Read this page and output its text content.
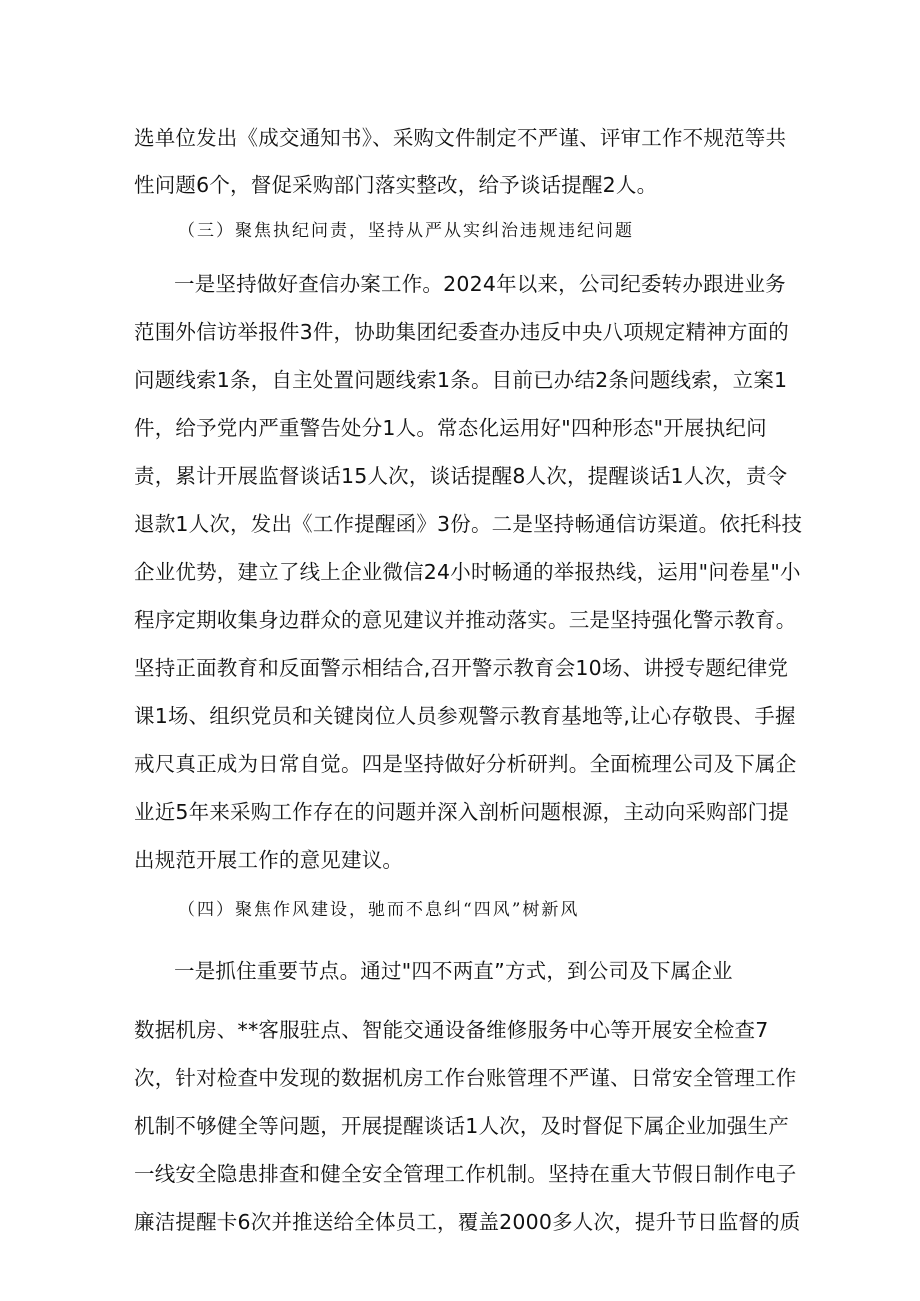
选单位发出《成交通知书》、采购文件制定不严谨、评审工作不规范等共
性问题6个，督促采购部门落实整改，给予谈话提醒2人。
（三）聚焦执纪问责，坚持从严从实纠治违规违纪问题
一是坚持做好查信办案工作。2024年以来，公司纪委转办跟进业务
范围外信访举报件3件，协助集团纪委查办违反中央八项规定精神方面的
问题线索1条，自主处置问题线索1条。目前已办结2条问题线索，立案1
件，给予党内严重警告处分1人。常态化运用好"四种形态"开展执纪问
责，累计开展监督谈话15人次，谈话提醒8人次，提醒谈话1人次，责令
退款1人次，发出《工作提醒函》3份。二是坚持畅通信访渠道。依托科技
企业优势，建立了线上企业微信24小时畅通的举报热线，运用"问卷星"小
程序定期收集身边群众的意见建议并推动落实。三是坚持强化警示教育。
坚持正面教育和反面警示相结合,召开警示教育会10场、讲授专题纪律党
课1场、组织党员和关键岗位人员参观警示教育基地等,让心存敬畏、手握
戒尺真正成为日常自觉。四是坚持做好分析研判。全面梳理公司及下属企
业近5年来采购工作存在的问题并深入剖析问题根源，主动向采购部门提
出规范开展工作的意见建议。
（四）聚焦作风建设，驰而不息纠“四风”树新风
一是抓住重要节点。通过"四不两直”方式，到公司及下属企业
数据机房、**客服驻点、智能交通设备维修服务中心等开展安全检查7
次，针对检查中发现的数据机房工作台账管理不严谨、日常安全管理工作
机制不够健全等问题，开展提醒谈话1人次，及时督促下属企业加强生产
一线安全隐患排查和健全安全管理工作机制。坚持在重大节假日制作电子
廉洁提醒卡6次并推送给全体员工，覆盖2000多人次，提升节日监督的质
